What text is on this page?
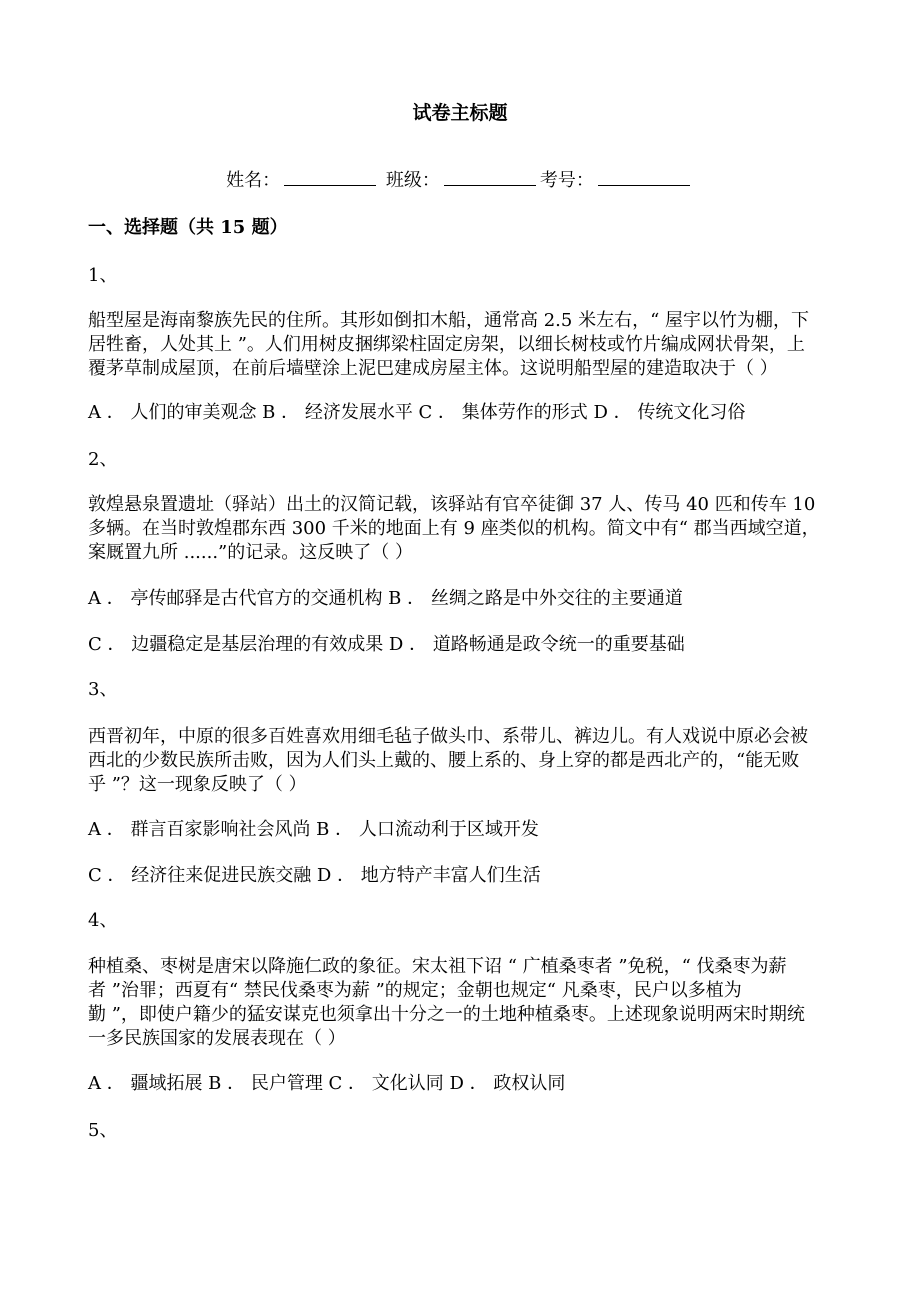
试卷主标题
姓名：	班级：	考号：
一、选择题（共 15 题）
1、
船型屋是海南黎族先民的住所。其形如倒扣木船，通常高 2.5 米左右，“ 屋宇以竹为棚，下
居牲畜，人处其上 ”。人们用树皮捆绑梁柱固定房架，以细长树枝或竹片编成网状骨架，上
覆茅草制成屋顶，在前后墙壁涂上泥巴建成房屋主体。这说明船型屋的建造取决于（ ）
A ． 人们的审美观念 B ． 经济发展水平 C ． 集体劳作的形式 D ． 传统文化习俗
2、
敦煌悬泉置遗址（驿站）出土的汉简记载，该驿站有官卒徒御 37 人、传马 40 匹和传车 10
多辆。在当时敦煌郡东西 300 千米的地面上有 9 座类似的机构。简文中有“ 郡当西域空道，
案厩置九所 ......”的记录。这反映了（ ）
A ． 亭传邮驿是古代官方的交通机构 B ． 丝绸之路是中外交往的主要通道
C ． 边疆稳定是基层治理的有效成果 D ． 道路畅通是政令统一的重要基础
3、
西晋初年，中原的很多百姓喜欢用细毛毡子做头巾、系带儿、裤边儿。有人戏说中原必会被
西北的少数民族所击败，因为人们头上戴的、腰上系的、身上穿的都是西北产的，“能无败
乎 ”？这一现象反映了（ ）
A ． 群言百家影响社会风尚 B ． 人口流动利于区域开发
C ． 经济往来促进民族交融 D ． 地方特产丰富人们生活
4、
种植桑、枣树是唐宋以降施仁政的象征。宋太祖下诏 “ 广植桑枣者 ”免税，“ 伐桑枣为薪
者 ”治罪；西夏有“ 禁民伐桑枣为薪 ”的规定；金朝也规定“ 凡桑枣，民户以多植为
勤 ”，即使户籍少的猛安谋克也须拿出十分之一的土地种植桑枣。上述现象说明两宋时期统
一多民族国家的发展表现在（ ）
A ． 疆域拓展 B ． 民户管理 C ． 文化认同 D ． 政权认同
5、
